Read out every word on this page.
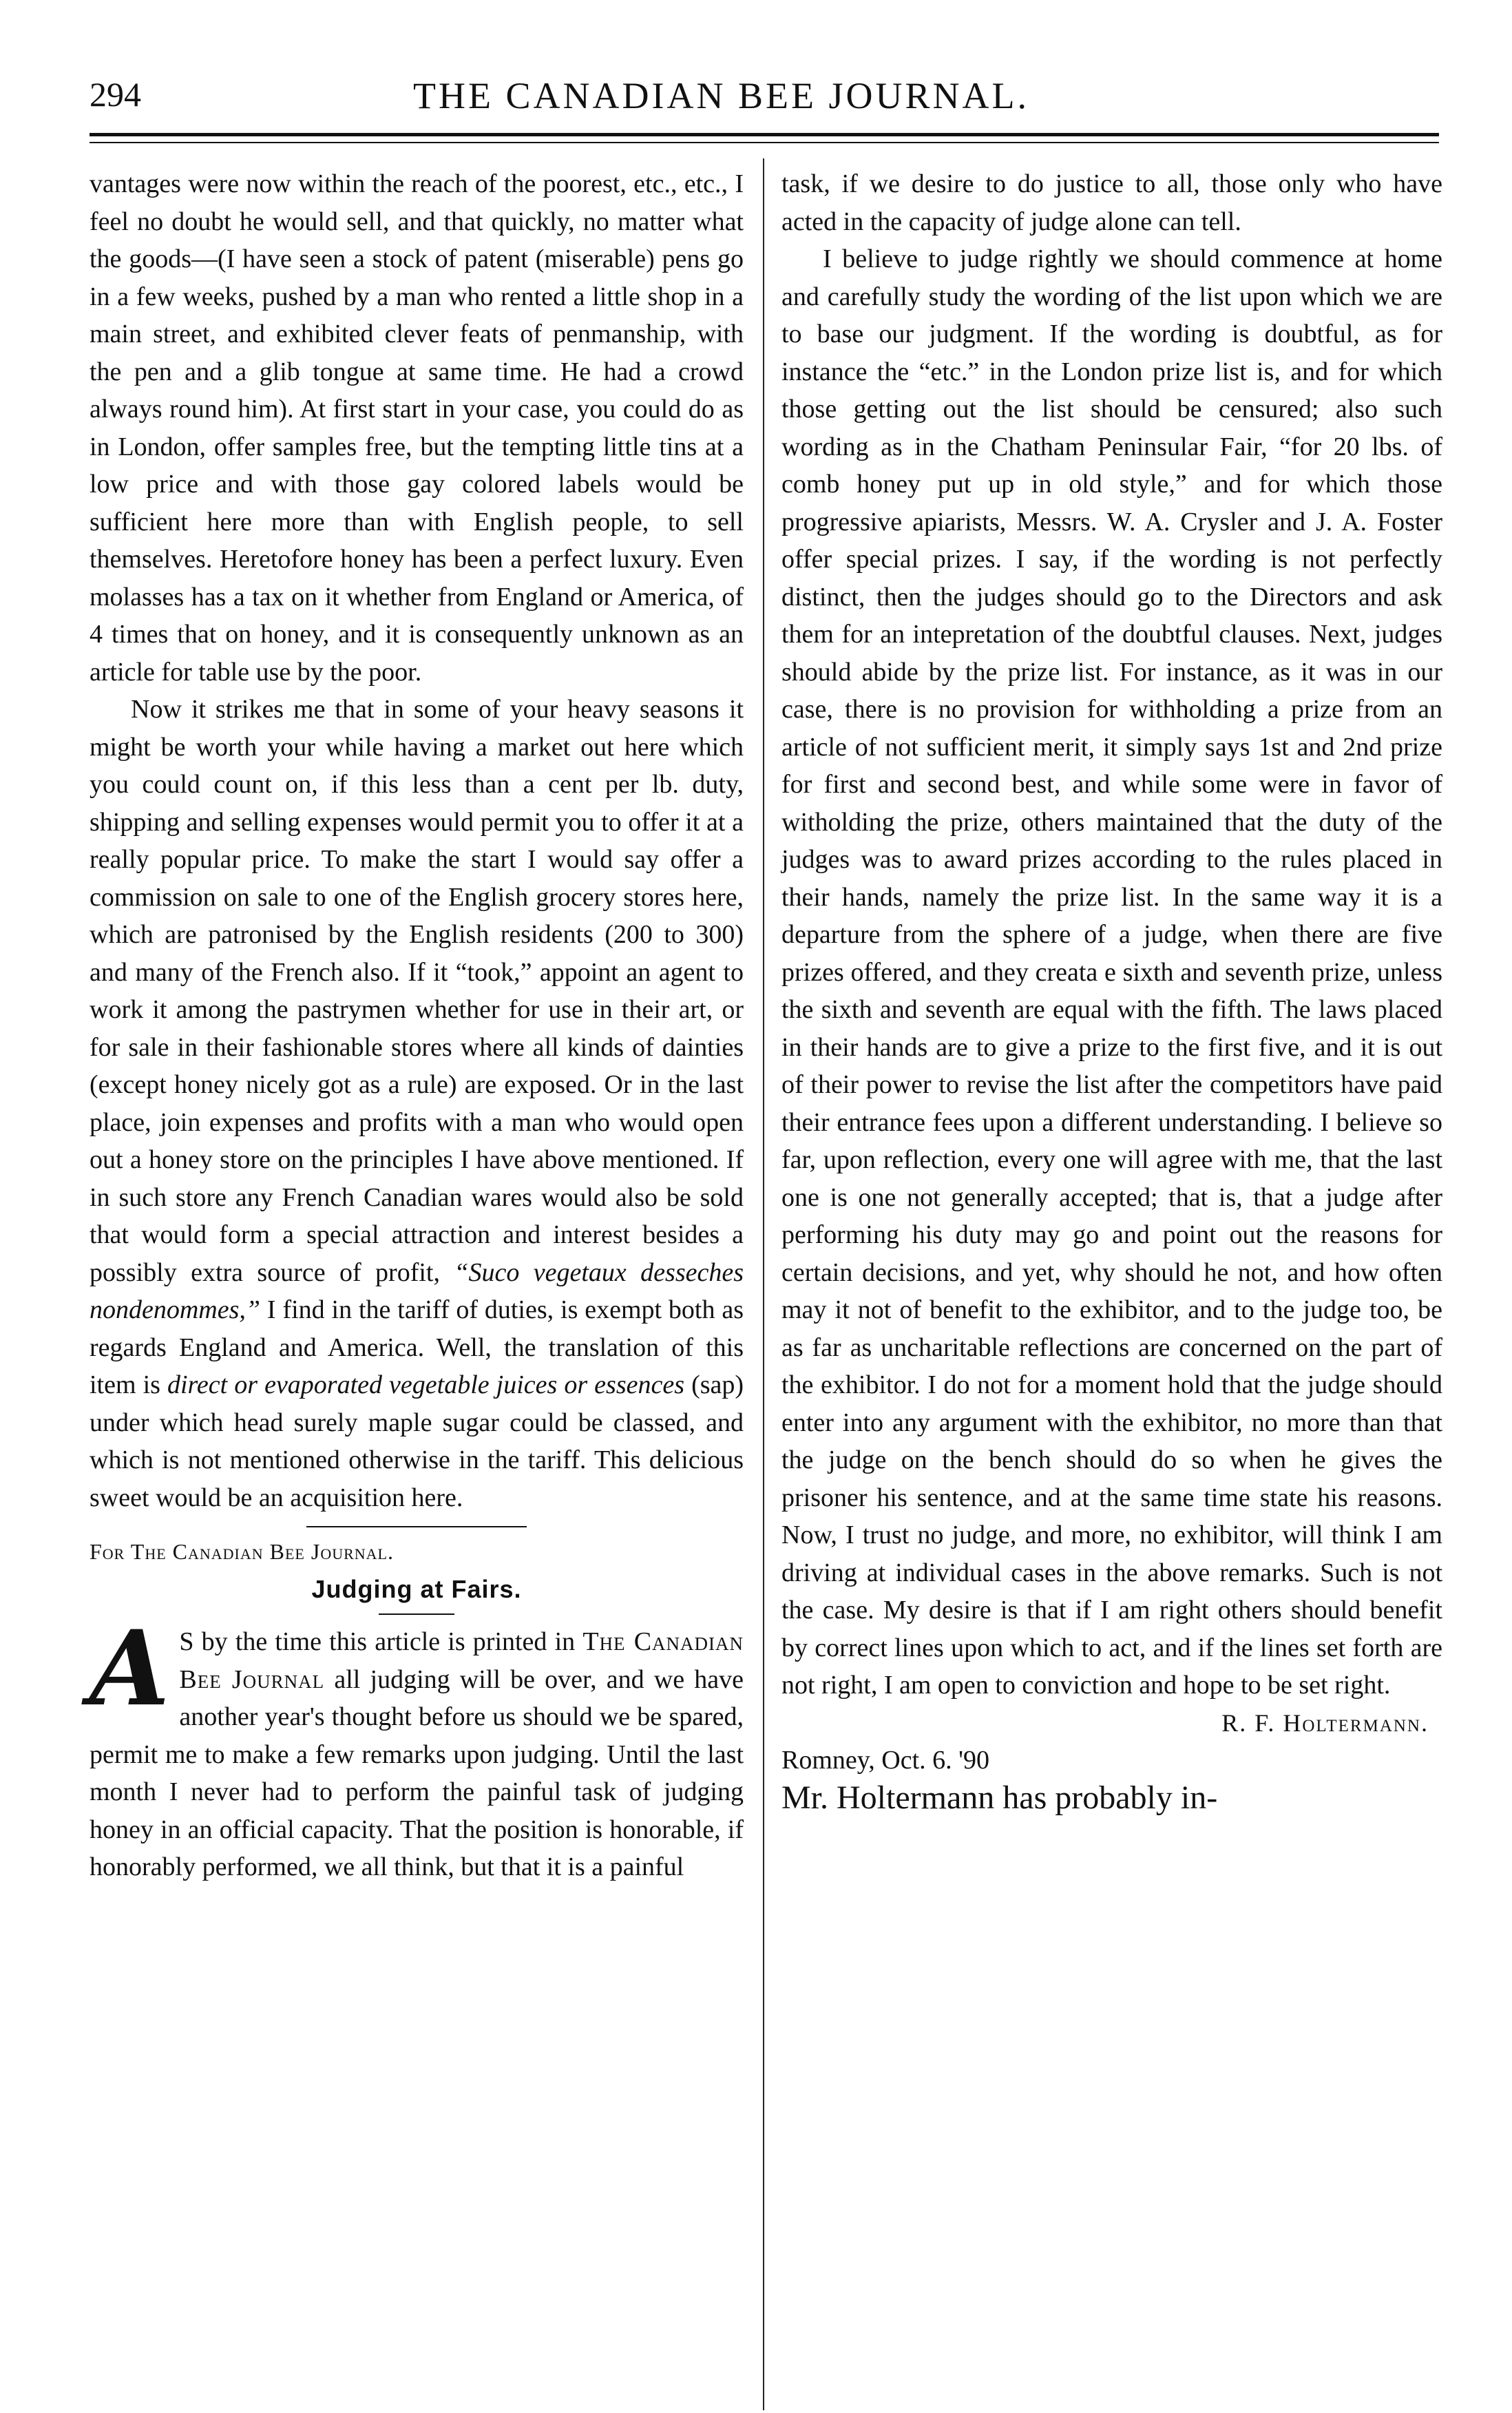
294	THE CANADIAN BEE JOURNAL.

vantages were now within the reach of the poorest, etc., etc., I feel no doubt he would sell, and that quickly, no matter what the goods—(I have seen a stock of patent (miserable) pens go in a few weeks, pushed by a man who rented a little shop in a main street, and exhibited clever feats of penmanship, with the pen and a glib tongue at same time. He had a crowd always round him). At first start in your case, you could do as in London, offer samples free, but the tempting little tins at a low price and with those gay colored labels would be sufficient here more than with English people, to sell themselves. Heretofore honey has been a perfect luxury. Even molasses has a tax on it whether from England or America, of 4 times that on honey, and it is consequently unknown as an article for table use by the poor.

Now it strikes me that in some of your heavy seasons it might be worth your while having a market out here which you could count on, if this less than a cent per lb. duty, shipping and selling expenses would permit you to offer it at a really popular price. To make the start I would say offer a commission on sale to one of the English grocery stores here, which are patronised by the English residents (200 to 300) and many of the French also. If it “took,” appoint an agent to work it among the pastrymen whether for use in their art, or for sale in their fashionable stores where all kinds of dainties (except honey nicely got as a rule) are exposed. Or in the last place, join expenses and profits with a man who would open out a honey store on the principles I have above mentioned. If in such store any French Canadian wares would also be sold that would form a special attraction and interest besides a possibly extra source of profit, “Suco vegetaux desseches nondenommes,” I find in the tariff of duties, is exempt both as regards England and America. Well, the translation of this item is direct or evaporated vegetable juices or essences (sap) under which head surely maple sugar could be classed, and which is not mentioned otherwise in the tariff. This delicious sweet would be an acquisition here.

For The Canadian Bee Journal.

Judging at Fairs.

A S by the time this article is printed in The Canadian Bee Journal all judging will be over, and we have another year's thought before us should we be spared, permit me to make a few remarks upon judging. Until the last month I never had to perform the painful task of judging honey in an official capacity. That the position is honorable, if honorably performed, we all think, but that it is a painful

task, if we desire to do justice to all, those only who have acted in the capacity of judge alone can tell.

I believe to judge rightly we should commence at home and carefully study the wording of the list upon which we are to base our judgment. If the wording is doubtful, as for instance the “etc.” in the London prize list is, and for which those getting out the list should be censured; also such wording as in the Chatham Peninsular Fair, “for 20 lbs. of comb honey put up in old style,” and for which those progressive apiarists, Messrs. W. A. Crysler and J. A. Foster offer special prizes. I say, if the wording is not perfectly distinct, then the judges should go to the Directors and ask them for an intepretation of the doubtful clauses. Next, judges should abide by the prize list. For instance, as it was in our case, there is no provision for withholding a prize from an article of not sufficient merit, it simply says 1st and 2nd prize for first and second best, and while some were in favor of witholding the prize, others maintained that the duty of the judges was to award prizes according to the rules placed in their hands, namely the prize list. In the same way it is a departure from the sphere of a judge, when there are five prizes offered, and they creata e sixth and seventh prize, unless the sixth and seventh are equal with the fifth. The laws placed in their hands are to give a prize to the first five, and it is out of their power to revise the list after the competitors have paid their entrance fees upon a different understanding. I believe so far, upon reflection, every one will agree with me, that the last one is one not generally accepted; that is, that a judge after performing his duty may go and point out the reasons for certain decisions, and yet, why should he not, and how often may it not of benefit to the exhibitor, and to the judge too, be as far as uncharitable reflections are concerned on the part of the exhibitor. I do not for a moment hold that the judge should enter into any argument with the exhibitor, no more than that the judge on the bench should do so when he gives the prisoner his sentence, and at the same time state his reasons. Now, I trust no judge, and more, no exhibitor, will think I am driving at individual cases in the above remarks. Such is not the case. My desire is that if I am right others should benefit by correct lines upon which to act, and if the lines set forth are not right, I am open to conviction and hope to be set right.

R. F. Holtermann.

Romney, Oct. 6. '90

Mr. Holtermann has probably in-
